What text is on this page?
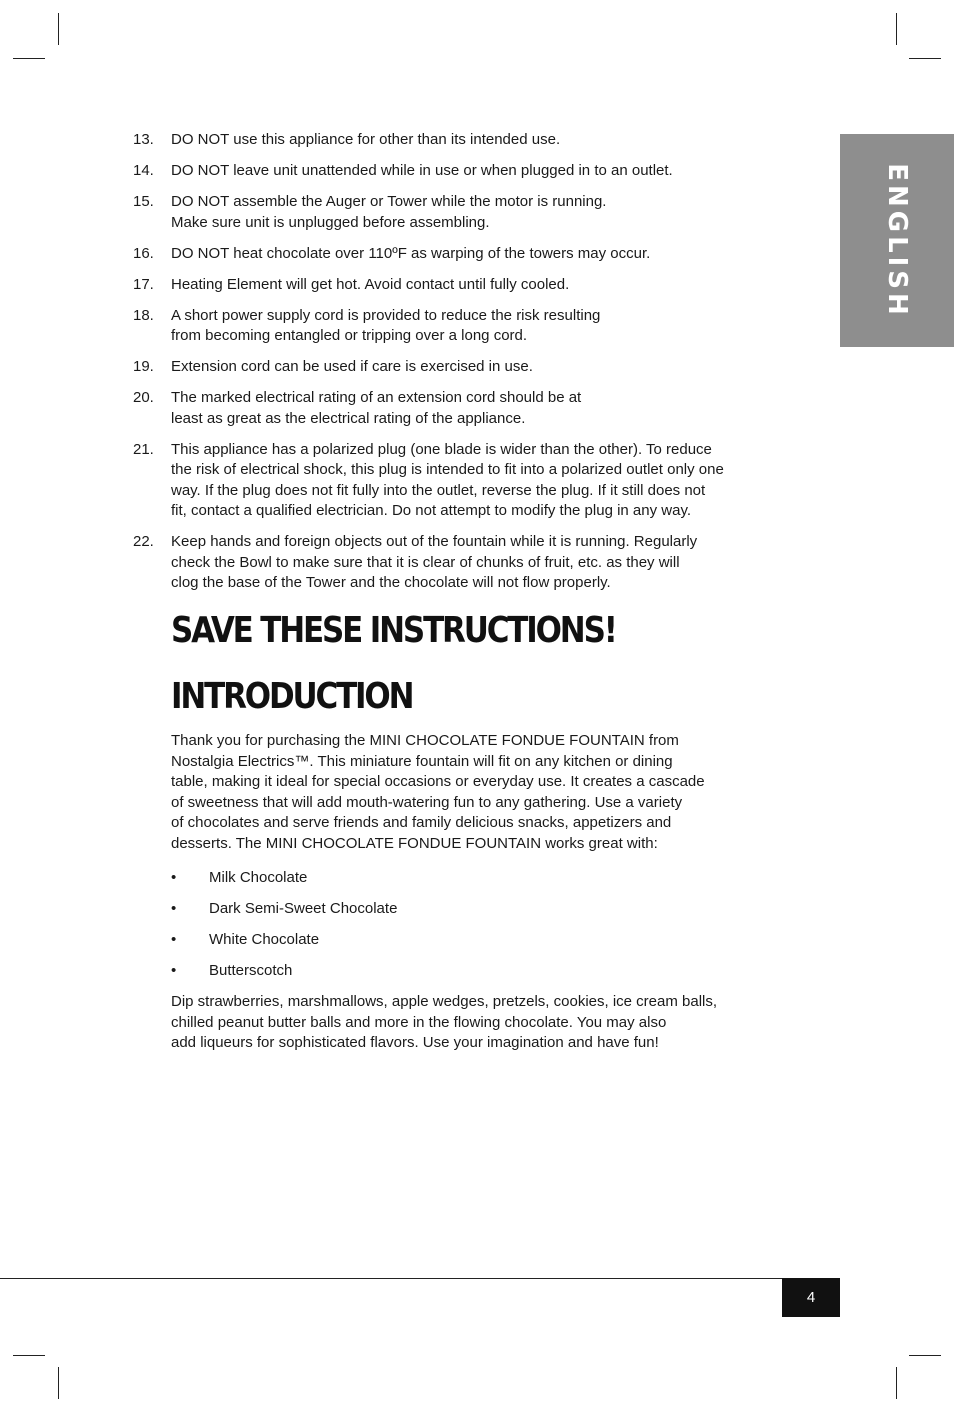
ENGLISH
13. DO NOT use this appliance for other than its intended use.
14. DO NOT leave unit unattended while in use or when plugged in to an outlet.
15. DO NOT assemble the Auger or Tower while the motor is running.
Make sure unit is unplugged before assembling.
16. DO NOT heat chocolate over 110ºF as warping of the towers may occur.
17. Heating Element will get hot. Avoid contact until fully cooled.
18. A short power supply cord is provided to reduce the risk resulting
from becoming entangled or tripping over a long cord.
19. Extension cord can be used if care is exercised in use.
20. The marked electrical rating of an extension cord should be at
least as great as the electrical rating of the appliance.
21. This appliance has a polarized plug (one blade is wider than the other). To reduce
the risk of electrical shock, this plug is intended to fit into a polarized outlet only one
way. If the plug does not fit fully into the outlet, reverse the plug. If it still does not
fit, contact a qualified electrician. Do not attempt to modify the plug in any way.
22. Keep hands and foreign objects out of the fountain while it is running. Regularly
check the Bowl to make sure that it is clear of chunks of fruit, etc. as they will
clog the base of the Tower and the chocolate will not flow properly.
SAVE THESE INSTRUCTIONS!
INTRODUCTION

Thank you for purchasing the MINI CHOCOLATE FONDUE FOUNTAIN from
Nostalgia Electrics™. This miniature fountain will fit on any kitchen or dining
table, making it ideal for special occasions or everyday use. It creates a cascade
of sweetness that will add mouth-watering fun to any gathering. Use a variety
of chocolates and serve friends and family delicious snacks, appetizers and
desserts. The MINI CHOCOLATE FONDUE FOUNTAIN works great with:

• Milk Chocolate
• Dark Semi-Sweet Chocolate
• White Chocolate
• Butterscotch

Dip strawberries, marshmallows, apple wedges, pretzels, cookies, ice cream balls,
chilled peanut butter balls and more in the flowing chocolate. You may also
add liqueurs for sophisticated flavors. Use your imagination and have fun!

4
